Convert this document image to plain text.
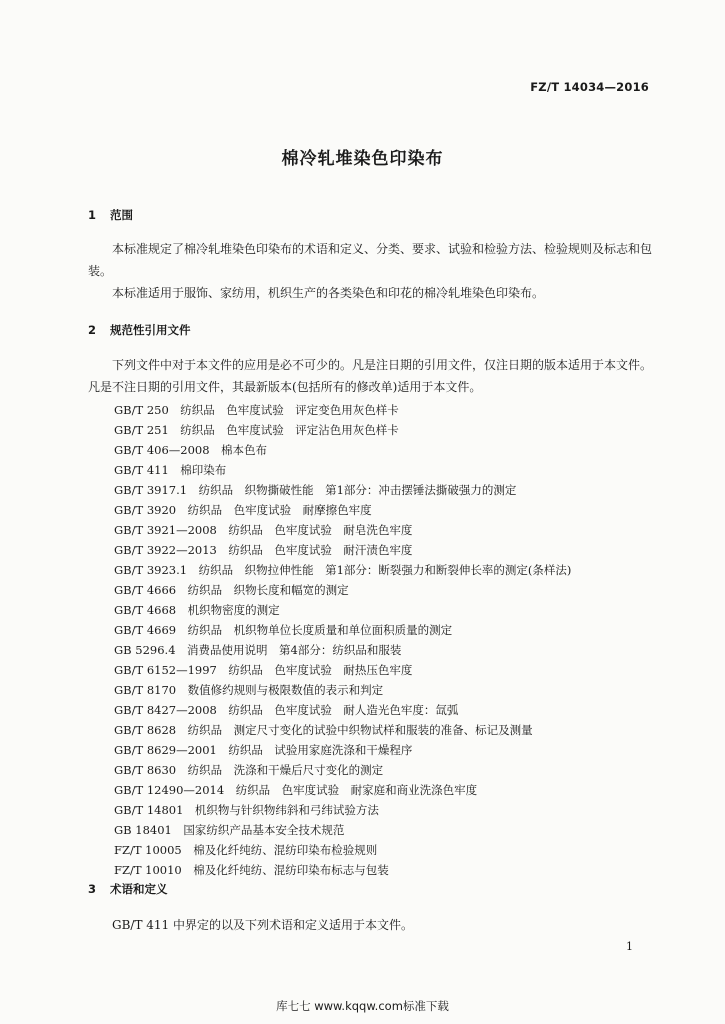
FZ/T 14034—2016
棉冷轧堆染色印染布
1 范围
本标准规定了棉冷轧堆染色印染布的术语和定义、分类、要求、试验和检验方法、检验规则及标志和包装。
本标准适用于服饰、家纺用，机织生产的各类染色和印花的棉冷轧堆染色印染布。
2 规范性引用文件
下列文件中对于本文件的应用是必不可少的。凡是注日期的引用文件，仅注日期的版本适用于本文件。凡是不注日期的引用文件，其最新版本(包括所有的修改单)适用于本文件。
GB/T 250　纺织品　色牢度试验　评定变色用灰色样卡
GB/T 251　纺织品　色牢度试验　评定沾色用灰色样卡
GB/T 406—2008　棉本色布
GB/T 411　棉印染布
GB/T 3917.1　纺织品　织物撕破性能　第1部分：冲击摆锤法撕破强力的测定
GB/T 3920　纺织品　色牢度试验　耐摩擦色牢度
GB/T 3921—2008　纺织品　色牢度试验　耐皂洗色牢度
GB/T 3922—2013　纺织品　色牢度试验　耐汗渍色牢度
GB/T 3923.1　纺织品　织物拉伸性能　第1部分：断裂强力和断裂伸长率的测定(条样法)
GB/T 4666　纺织品　织物长度和幅宽的测定
GB/T 4668　机织物密度的测定
GB/T 4669　纺织品　机织物单位长度质量和单位面积质量的测定
GB 5296.4　消费品使用说明　第4部分：纺织品和服装
GB/T 6152—1997　纺织品　色牢度试验　耐热压色牢度
GB/T 8170　数值修约规则与极限数值的表示和判定
GB/T 8427—2008　纺织品　色牢度试验　耐人造光色牢度：氙弧
GB/T 8628　纺织品　测定尺寸变化的试验中织物试样和服装的准备、标记及测量
GB/T 8629—2001　纺织品　试验用家庭洗涤和干燥程序
GB/T 8630　纺织品　洗涤和干燥后尺寸变化的测定
GB/T 12490—2014　纺织品　色牢度试验　耐家庭和商业洗涤色牢度
GB/T 14801　机织物与针织物纬斜和弓纬试验方法
GB 18401　国家纺织产品基本安全技术规范
FZ/T 10005　棉及化纤纯纺、混纺印染布检验规则
FZ/T 10010　棉及化纤纯纺、混纺印染布标志与包装
3 术语和定义
GB/T 411 中界定的以及下列术语和定义适用于本文件。
1
库七七 www.kqqw.com标准下载
